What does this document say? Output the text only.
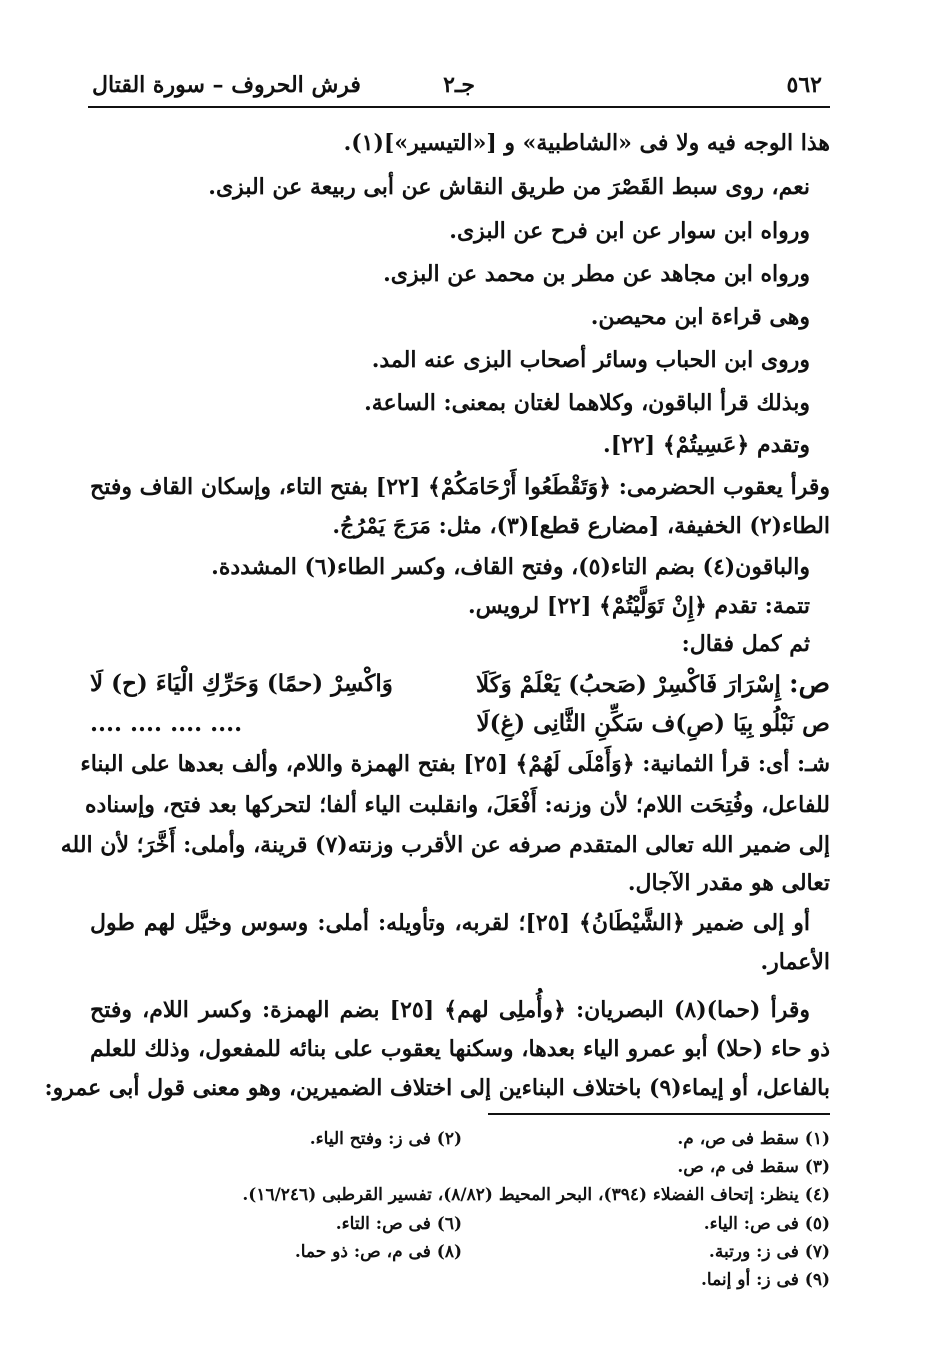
٥٦٢
جـ٢
فرش الحروف – سورة القتال
هذا الوجه فيه ولا فى «الشاطبية» و [«التيسير»](١).
نعم، روى سبط القَصْرَ من طريق النقاش عن أبى ربيعة عن البزى.
ورواه ابن سوار عن ابن فرح عن البزى.
ورواه ابن مجاهد عن مطر بن محمد عن البزى.
وهى قراءة ابن محيصن.
وروى ابن الحباب وسائر أصحاب البزى عنه المد.
وبذلك قرأ الباقون، وكلاهما لغتان بمعنى: الساعة.
وتقدم ﴿عَسِيتُمْ﴾ [٢٢].
وقرأ يعقوب الحضرمى: ﴿وَتَقْطَعُوا أَرْحَامَكُمْ﴾ [٢٢] بفتح التاء، وإسكان القاف وفتح
الطاء(٢) الخفيفة، [مضارع قطع](٣)، مثل: مَرَجَ يَمْرُجُ.
والباقون(٤) بضم التاء(٥)، وفتح القاف، وكسر الطاء(٦) المشددة.
تتمة: تقدم ﴿إِنْ تَوَلَّيْتُمْ﴾ [٢٢] لرويس.
ثم كمل فقال:
ص: إِسْرَارَ فَاكْسِرْ (صَحبُ) يَعْلَمْ وَكَلَا
وَاكْسِرْ (حمًا) وَحَرِّكِ الْيَاءَ (ح) لَا
ص نَبْلُو بِيَا (صِ)ف سَكِّنِ الثَّانِى (غِ)لَا
.... .... .... ....
شـ: أى: قرأ الثمانية: ﴿وَأَمْلَى لَهُمْ﴾ [٢٥] بفتح الهمزة واللام، وألف بعدها على البناء
للفاعل، وفُتِحَت اللام؛ لأن وزنه: أَفْعَلَ، وانقلبت الياء ألفا؛ لتحركها بعد فتح، وإسناده
إلى ضمير الله تعالى المتقدم صرفه عن الأقرب وزنته(٧) قرينة، وأملى: أَخَّرَ؛ لأن الله
تعالى هو مقدر الآجال.
أو إلى ضمير ﴿الشَّيْطَانُ﴾ [٢٥]؛ لقربه، وتأويله: أملى: وسوس وخيَّل لهم طول
الأعمار.
وقرأ (حما)(٨) البصريان: ﴿وأُملِى لهم﴾ [٢٥] بضم الهمزة: وكسر اللام، وفتح
ذو حاء (حلا) أبو عمرو الياء بعدها، وسكنها يعقوب على بنائه للمفعول، وذلك للعلم
بالفاعل، أو إيماء(٩) باختلاف البناءين إلى اختلاف الضميرين، وهو معنى قول أبى عمرو:
(١) سقط فى ص، م.
(٢) فى ز: وفتح الياء.
(٣) سقط فى م، ص.
(٤) ينظر: إتحاف الفضلاء (٣٩٤)، البحر المحيط (٨/٨٢)، تفسير القرطبى (١٦/٢٤٦).
(٥) فى ص: الياء.
(٦) فى ص: التاء.
(٧) فى ز: ورتبة.
(٨) فى م، ص: ذو حما.
(٩) فى ز: أو إنما.
